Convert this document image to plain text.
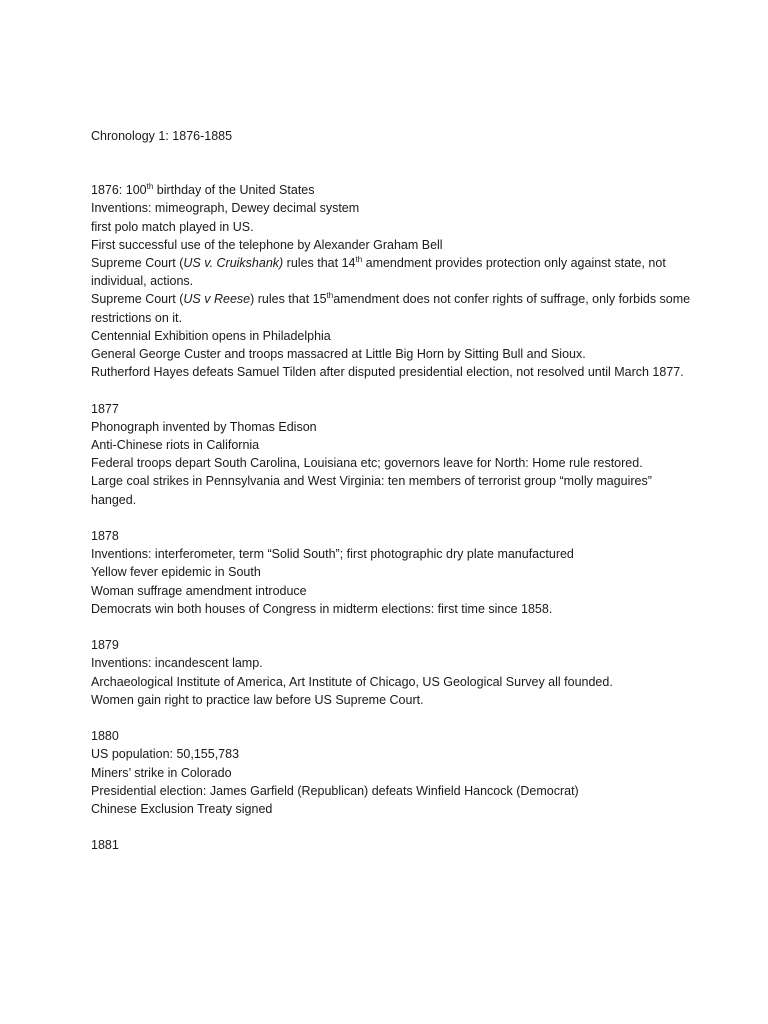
Chronology 1: 1876-1885
1876: 100th birthday of the United States
Inventions: mimeograph, Dewey decimal system
first polo match played in US.
First successful use of the telephone by Alexander Graham Bell
Supreme Court (US v. Cruikshank) rules that 14th amendment provides protection only against state, not individual, actions.
Supreme Court (US v Reese) rules that 15thamendment does not confer rights of suffrage, only forbids some restrictions on it.
Centennial Exhibition opens in Philadelphia
General George Custer and troops massacred at Little Big Horn by Sitting Bull and Sioux.
Rutherford Hayes defeats Samuel Tilden after disputed presidential election, not resolved until March 1877.
1877
Phonograph invented by Thomas Edison
Anti-Chinese riots in California
Federal troops depart South Carolina, Louisiana etc; governors leave for North: Home rule restored.
Large coal strikes in Pennsylvania and West Virginia: ten members of terrorist group “molly maguires” hanged.
1878
Inventions: interferometer, term “Solid South”; first photographic dry plate manufactured
Yellow fever epidemic in South
Woman suffrage amendment introduce
Democrats win both houses of Congress in midterm elections: first time since 1858.
1879
Inventions: incandescent lamp.
Archaeological Institute of America, Art Institute of Chicago, US Geological Survey all founded.
Women gain right to practice law before US Supreme Court.
1880
US population: 50,155,783
Miners’ strike in Colorado
Presidential election: James Garfield (Republican) defeats Winfield Hancock (Democrat)
Chinese Exclusion Treaty signed
1881
